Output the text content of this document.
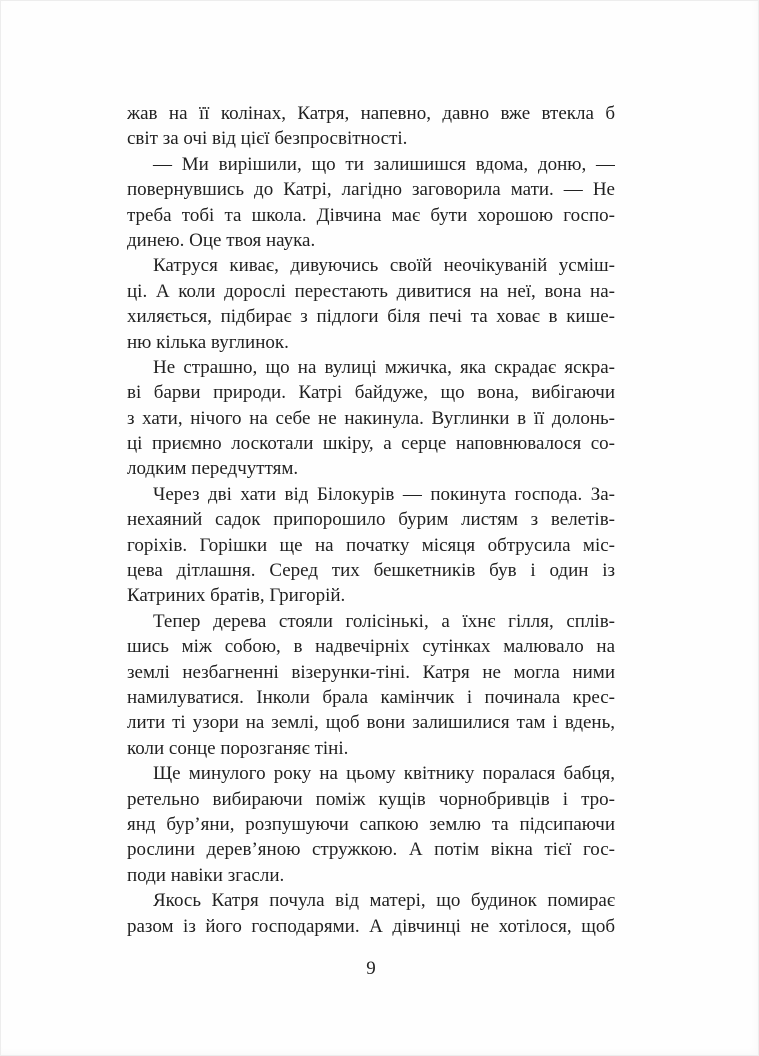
жав на її колінах, Катря, напевно, давно вже втекла б
світ за очі від цієї безпросвітності.
— Ми вирішили, що ти залишишся вдома, доню, —
повернувшись до Катрі, лагідно заговорила мати. — Не
треба тобі та школа. Дівчина має бути хорошою госпо-
динею. Оце твоя наука.
Катруся киває, дивуючись своїй неочікуваній усміш-
ці. А коли дорослі перестають дивитися на неї, вона на-
хиляється, підбирає з підлоги біля печі та ховає в кише-
ню кілька вуглинок.
Не страшно, що на вулиці мжичка, яка скрадає яскра-
ві барви природи. Катрі байдуже, що вона, вибігаючи
з хати, нічого на себе не накинула. Вуглинки в її долонь-
ці приємно лоскотали шкіру, а серце наповнювалося со-
лодким передчуттям.
Через дві хати від Білокурів — покинута господа. За-
нехаяний садок припорошило бурим листям з велетів-
горіхів. Горішки ще на початку місяця обтрусила міс-
цева дітлашня. Серед тих бешкетників був і один із
Катриних братів, Григорій.
Тепер дерева стояли голісінькі, а їхнє гілля, сплів-
шись між собою, в надвечірніх сутінках малювало на
землі незбагненні візерунки-тіні. Катря не могла ними
намилуватися. Інколи брала камінчик і починала крес-
лити ті узори на землі, щоб вони залишилися там і вдень,
коли сонце порозганяє тіні.
Ще минулого року на цьому квітнику поралася бабця,
ретельно вибираючи поміж кущів чорнобривців і тро-
янд бур’яни, розпушуючи сапкою землю та підсипаючи
рослини дерев’яною стружкою. А потім вікна тієї гос-
поди навіки згасли.
Якось Катря почула від матері, що будинок помирає
разом із його господарями. А дівчинці не хотілося, щоб
9
